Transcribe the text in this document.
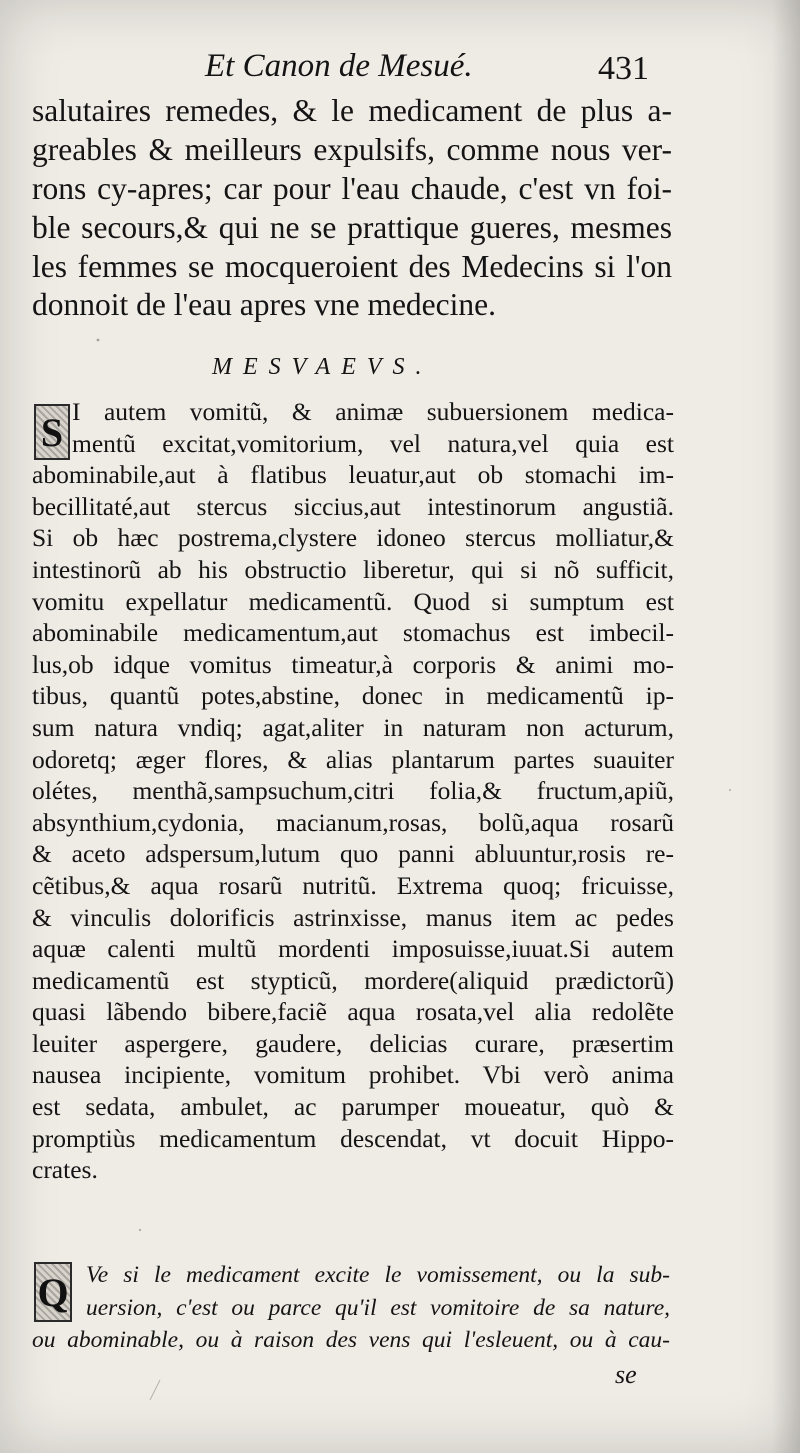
Et Canon de Mesué.	431
salutaires remedes, & le medicament de plus a-
greables & meilleurs expulsifs, comme nous ver-
rons cy-apres; car pour l'eau chaude, c'est vn foi-
ble secours,& qui ne se prattique gueres, mesmes
les femmes se mocqueroient des Medecins si l'on
donnoit de l'eau apres vne medecine.
MESVAEVS.
S I autem vomitũ, & animæ subuersionem medica-
mentũ excitat,vomitorium, vel natura,vel quia est
abominabile,aut à flatibus leuatur,aut ob stomachi im-
becillitaté,aut stercus siccius,aut intestinorum angustiã.
Si ob hæc postrema,clystere idoneo stercus molliatur,&
intestinorũ ab his obstructio liberetur, qui si nõ sufficit,
vomitu expellatur medicamentũ. Quod si sumptum est
abominabile medicamentum,aut stomachus est imbecil-
lus,ob idque vomitus timeatur,à corporis & animi mo-
tibus, quantũ potes,abstine, donec in medicamentũ ip-
sum natura vndiq; agat,aliter in naturam non acturum,
odoretq; æger flores, & alias plantarum partes suauiter
olétes, menthã,sampsuchum,citri folia,& fructum,apiũ,
absynthium,cydonia, macianum,rosas, bolũ,aqua rosarũ
& aceto adspersum,lutum quo panni abluuntur,rosis re-
cẽtibus,& aqua rosarũ nutritũ. Extrema quoq; fricuisse,
& vinculis dolorificis astrinxisse, manus item ac pedes
aquæ calenti multũ mordenti imposuisse,iuuat.Si autem
medicamentũ est stypticũ, mordere(aliquid prædictorũ)
quasi lãbendo bibere,faciẽ aqua rosata,vel alia redolẽte
leuiter aspergere, gaudere, delicias curare, præsertim
nausea incipiente, vomitum prohibet. Vbi verò anima
est sedata, ambulet, ac parumper moueatur, quò &
promptiùs medicamentum descendat, vt docuit Hippo-
crates.
Q Ve si le medicament excite le vomissement, ou la sub-
uersion, c'est ou parce qu'il est vomitoire de sa nature,
ou abominable, ou à raison des vens qui l'esleuent, ou à cau-
se
